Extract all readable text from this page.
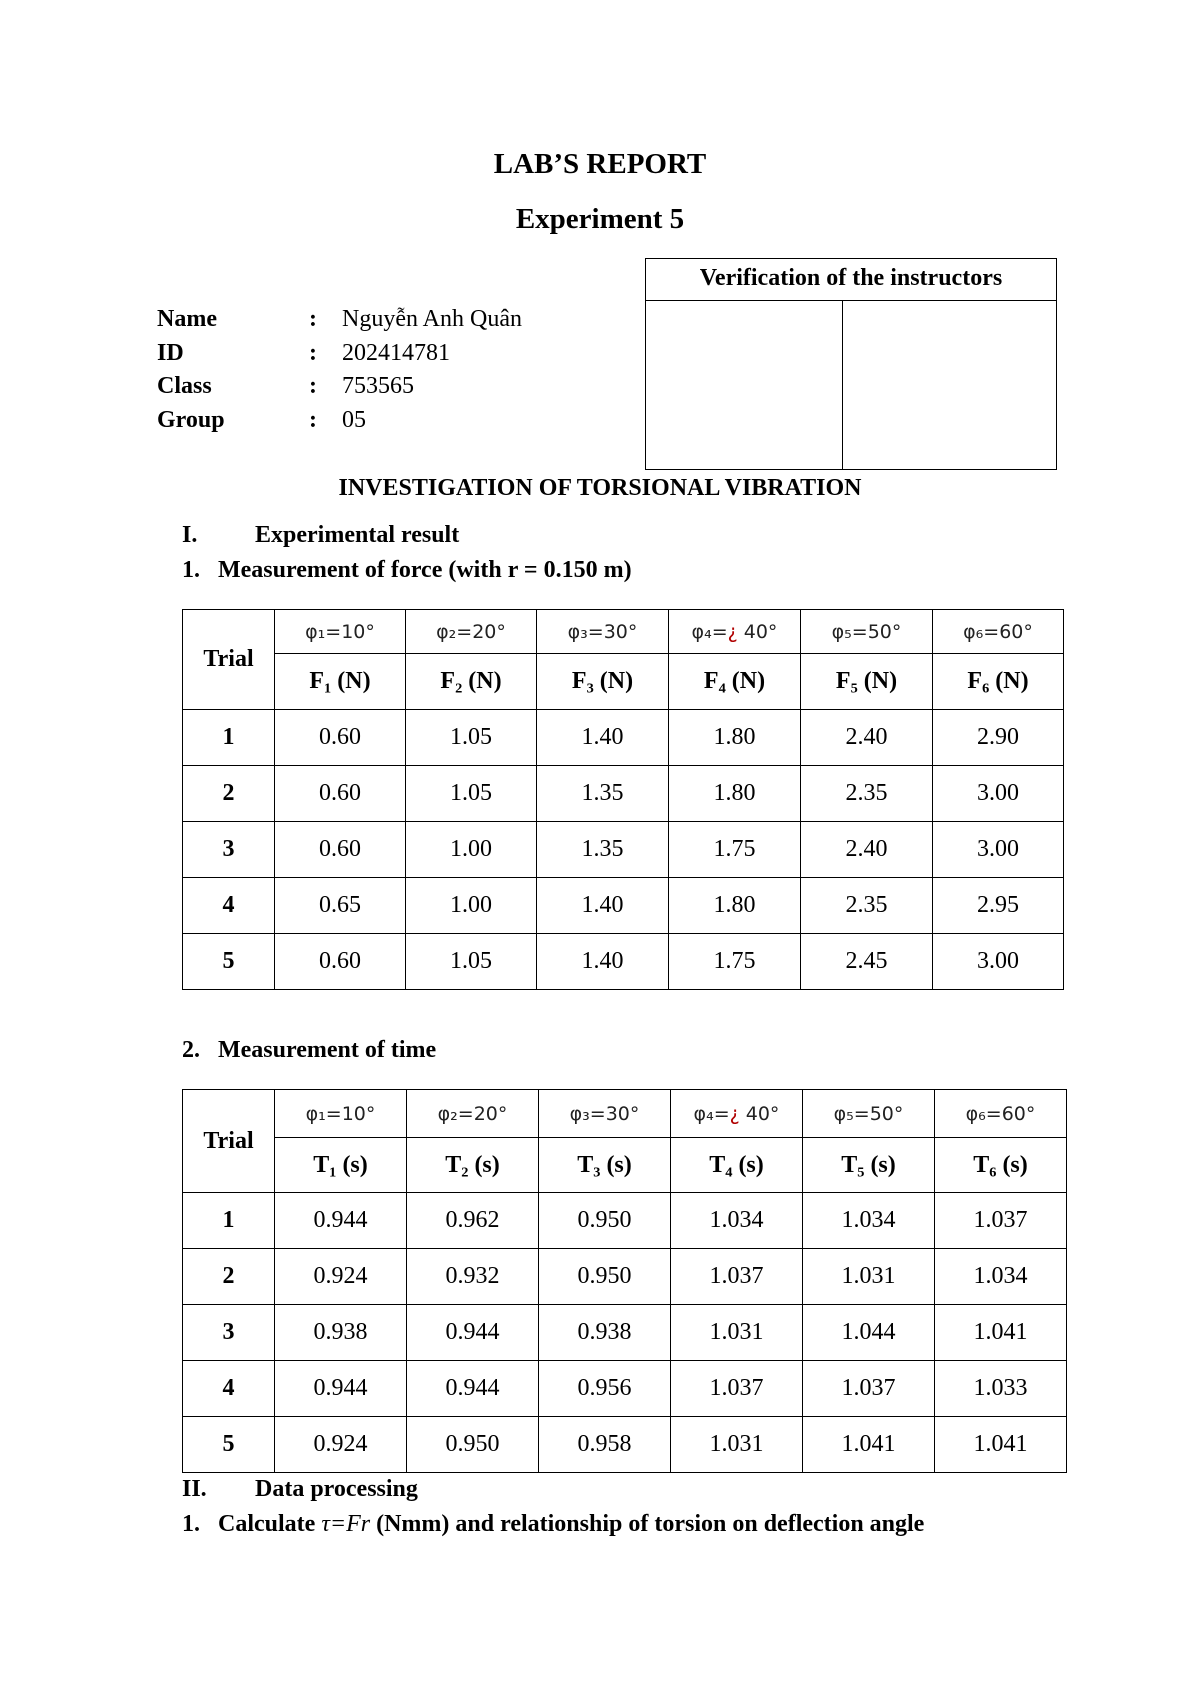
LAB’S REPORT
Experiment 5
Name	:	Nguyễn Anh Quân
ID	:	202414781
Class	:	753565
Group	:	05
Verification of the instructors
INVESTIGATION OF TORSIONAL VIBRATION
I. Experimental result
1. Measurement of force (with r = 0.150 m)
Trial	φ₁=10°	φ₂=20°	φ₃=30°	φ₄=¿ 40°	φ₅=50°	φ₆=60°
	F₁ (N)	F₂ (N)	F₃ (N)	F₄ (N)	F₅ (N)	F₆ (N)
1	0.60	1.05	1.40	1.80	2.40	2.90
2	0.60	1.05	1.35	1.80	2.35	3.00
3	0.60	1.00	1.35	1.75	2.40	3.00
4	0.65	1.00	1.40	1.80	2.35	2.95
5	0.60	1.05	1.40	1.75	2.45	3.00
2. Measurement of time
Trial	φ₁=10°	φ₂=20°	φ₃=30°	φ₄=¿ 40°	φ₅=50°	φ₆=60°
	T₁ (s)	T₂ (s)	T₃ (s)	T₄ (s)	T₅ (s)	T₆ (s)
1	0.944	0.962	0.950	1.034	1.034	1.037
2	0.924	0.932	0.950	1.037	1.031	1.034
3	0.938	0.944	0.938	1.031	1.044	1.041
4	0.944	0.944	0.956	1.037	1.037	1.033
5	0.924	0.950	0.958	1.031	1.041	1.041
II. Data processing
1. Calculate τ=Fr (Nmm) and relationship of torsion on deflection angle
